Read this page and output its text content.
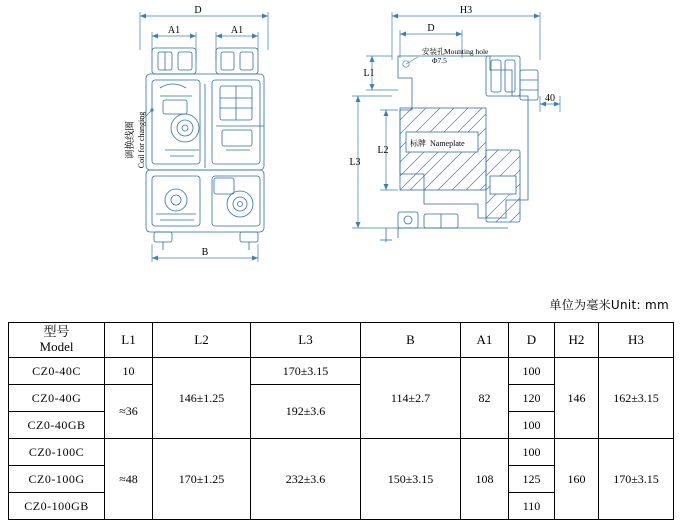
D
A1	A1
B
H3
D
L1
L3
L2
40
调换线圈 Coil for changing
安装孔 Mounting hole
Φ7.5
标牌 Nameplate
单位为毫米Unit: mm
型号
Model	L1	L2	L3	B	A1	D	H2	H3
CZ0-40C	10	146±1.25	170±3.15	114±2.7	82	100	146	162±3.15
CZ0-40G	≈36		192±3.6			120		
CZ0-40GB						100		
CZ0-100C	≈48	170±1.25	232±3.6	150±3.15	108	100	160	170±3.15
CZ0-100G						125		
CZ0-100GB						110		
